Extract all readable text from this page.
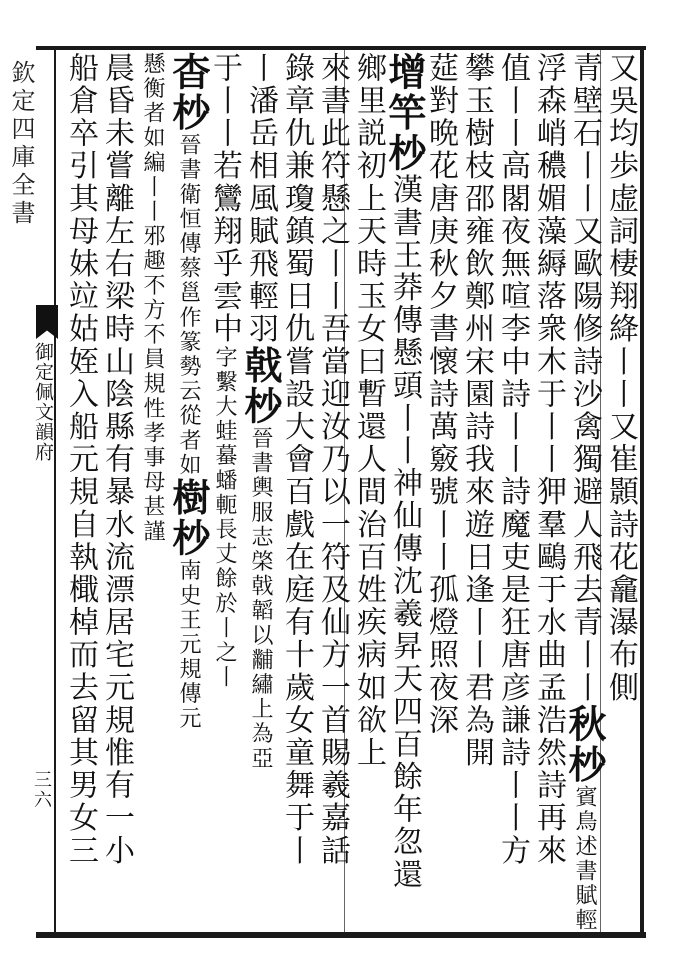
欽定四庫全書
御定佩文韻府
三六
又吳均歩虚詞棲翔絳丨丨又崔顥詩花龕瀑布側
青壁石丨丨又歐陽修詩沙禽獨避人飛去青丨丨秋杪賓鳥述書賦輕
浮森峭穠媚藻縟落衆木于丨丨狎羣鷗于水曲孟浩然詩再來
值丨丨高閣夜無喧李中詩丨丨詩魔吏是狂唐彦謙詩丨丨方
攀玉樹枝邵雍飲鄭州宋園詩我來遊日逢丨丨君為開
莚對晩花唐庚秋夕書懷詩萬竅號丨丨孤燈照夜深
增竿杪漢書王莽傳懸頭丨丨神仙傳沈羲昇天四百餘年忽還
鄉里説初上天時玉女曰暫還人間治百姓疾病如欲上
來書此符懸之丨丨吾當迎汝乃以一符及仙方一首賜羲嘉話
錄章仇兼瓊鎮蜀日仇嘗設大會百戲在庭有十歲女童舞于丨
丨潘岳相風賦飛輕羽戟杪晉書輿服志棨戟韜以黼繡上為亞
于丨丨若鸞翔乎雲中字繫大蛙蟇蟠軛長丈餘於丨之丨
杳杪晉書衛恒傳蔡邕作篆勢云從者如樹杪南史王元規傳元
懸衡者如編丨丨邪趣不方不員規性孝事母甚謹
晨昏未嘗離左右梁時山陰縣有暴水流漂居宅元規惟有一小
船倉卒引其母妹竝姑姪入船元規自執檝棹而去留其男女三
